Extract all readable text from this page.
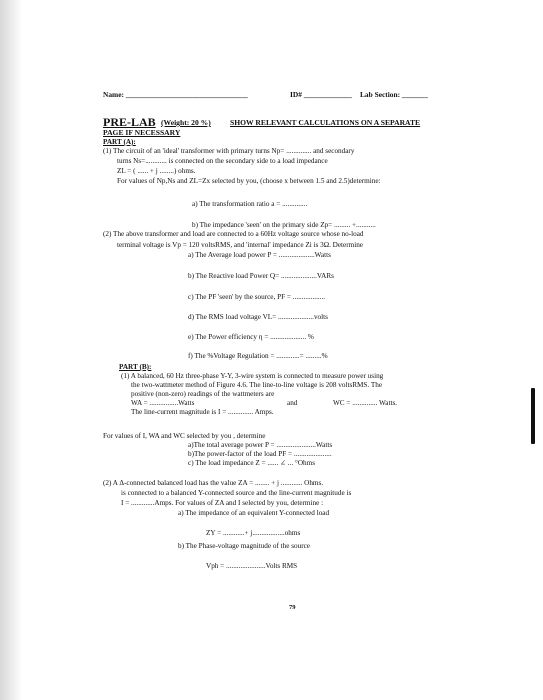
Name: _________________________________	ID# _____________ Lab Section: _______
PRE-LAB (Weight: 20 %)	SHOW RELEVANT CALCULATIONS ON A SEPARATE
PAGE IF NECESSARY
PART (A):
(1) The circuit of an 'ideal' transformer with primary turns Np= .............. and secondary
turns Ns=............ is connected on the secondary side to a load impedance
ZL = ( ...... + j ........) ohms.
For values of Np,Ns and ZL=Zx selected by you, (choose x between 1.5 and 2.5)determine:
a) The transformation ratio a = ..............
b) The impedance 'seen' on the primary side Zp= ......... +...........
(2) The above transformer and load are connected to a 60Hz voltage source whose no-load
terminal voltage is Vp = 120 voltsRMS, and 'internal' impedance Zi is 3Ω. Determine
a) The Average load power P = ....................Watts
b) The Reactive load Power Q= ....................VARs
c) The PF 'seen' by the source, PF = ..................
d) The RMS load voltage VL= ....................volts
e) The Power efficiency η = .................... %
f) The %Voltage Regulation = .............= .........%
PART (B):
(1) A balanced, 60 Hz three-phase Y-Y, 3-wire system is connected to measure power using
the two-wattmeter method of Figure 4.6. The line-to-line voltage is 208 voltsRMS. The
positive (non-zero) readings of the wattmeters are
WA = ................Watts	and	WC = .............. Watts.
The line-current magnitude is I = .............. Amps.
For values of I, WA and WC selected by you , determine
a)The total average power P = ......................Watts
b)The power-factor of the load PF = .....................
c) The load impedance Z = ...... ∠ ... °Ohms
(2) A Δ-connected balanced load has the value ZA = ........ + j ............ Ohms.
is connected to a balanced Y-connected source and the line-current magnitude is
I = .............Amps. For values of ZA and I selected by you, determine :
a) The impedance of an equivalent Y-connected load
ZY = ............+ j..................ohms
b) The Phase-voltage magnitude of the source
Vph = ......................Volts RMS
79
